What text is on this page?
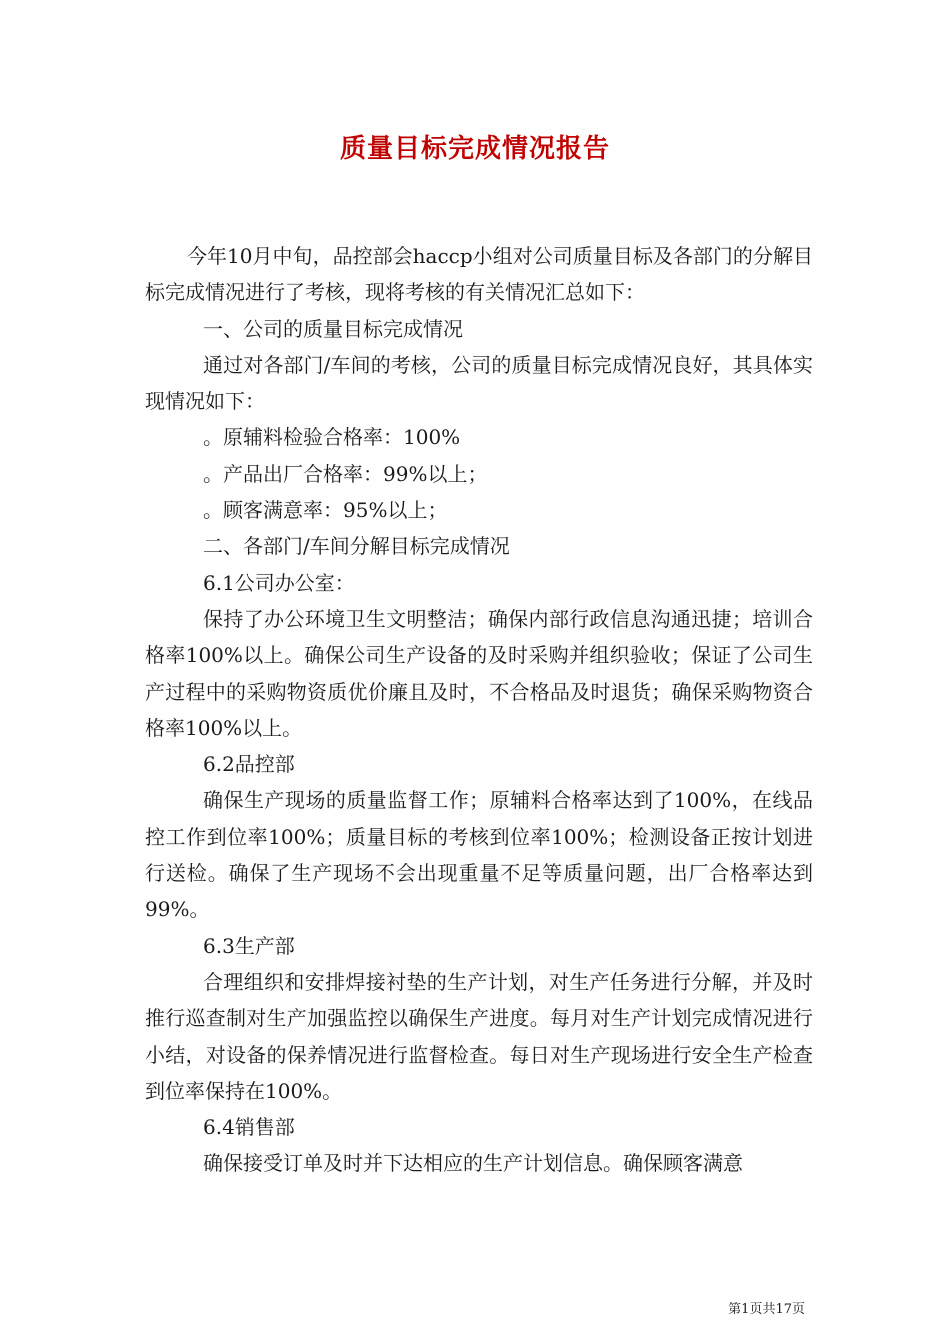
质量目标完成情况报告

今年10月中旬，品控部会haccp小组对公司质量目标及各部门的分解目标完成情况进行了考核，现将考核的有关情况汇总如下：

一、公司的质量目标完成情况

通过对各部门/车间的考核，公司的质量目标完成情况良好，其具体实现情况如下：

。原辅料检验合格率：100%

。产品出厂合格率：99%以上；

。顾客满意率：95%以上；

二、各部门/车间分解目标完成情况

6.1公司办公室：

保持了办公环境卫生文明整洁；确保内部行政信息沟通迅捷；培训合格率100%以上。确保公司生产设备的及时采购并组织验收；保证了公司生产过程中的采购物资质优价廉且及时，不合格品及时退货；确保采购物资合格率100%以上。

6.2品控部

确保生产现场的质量监督工作；原辅料合格率达到了100%，在线品控工作到位率100%；质量目标的考核到位率100%；检测设备正按计划进行送检。确保了生产现场不会出现重量不足等质量问题，出厂合格率达到99%。

6.3生产部

合理组织和安排焊接衬垫的生产计划，对生产任务进行分解，并及时推行巡查制对生产加强监控以确保生产进度。每月对生产计划完成情况进行小结，对设备的保养情况进行监督检查。每日对生产现场进行安全生产检查到位率保持在100%。

6.4销售部

确保接受订单及时并下达相应的生产计划信息。确保顾客满意

第1页共17页
